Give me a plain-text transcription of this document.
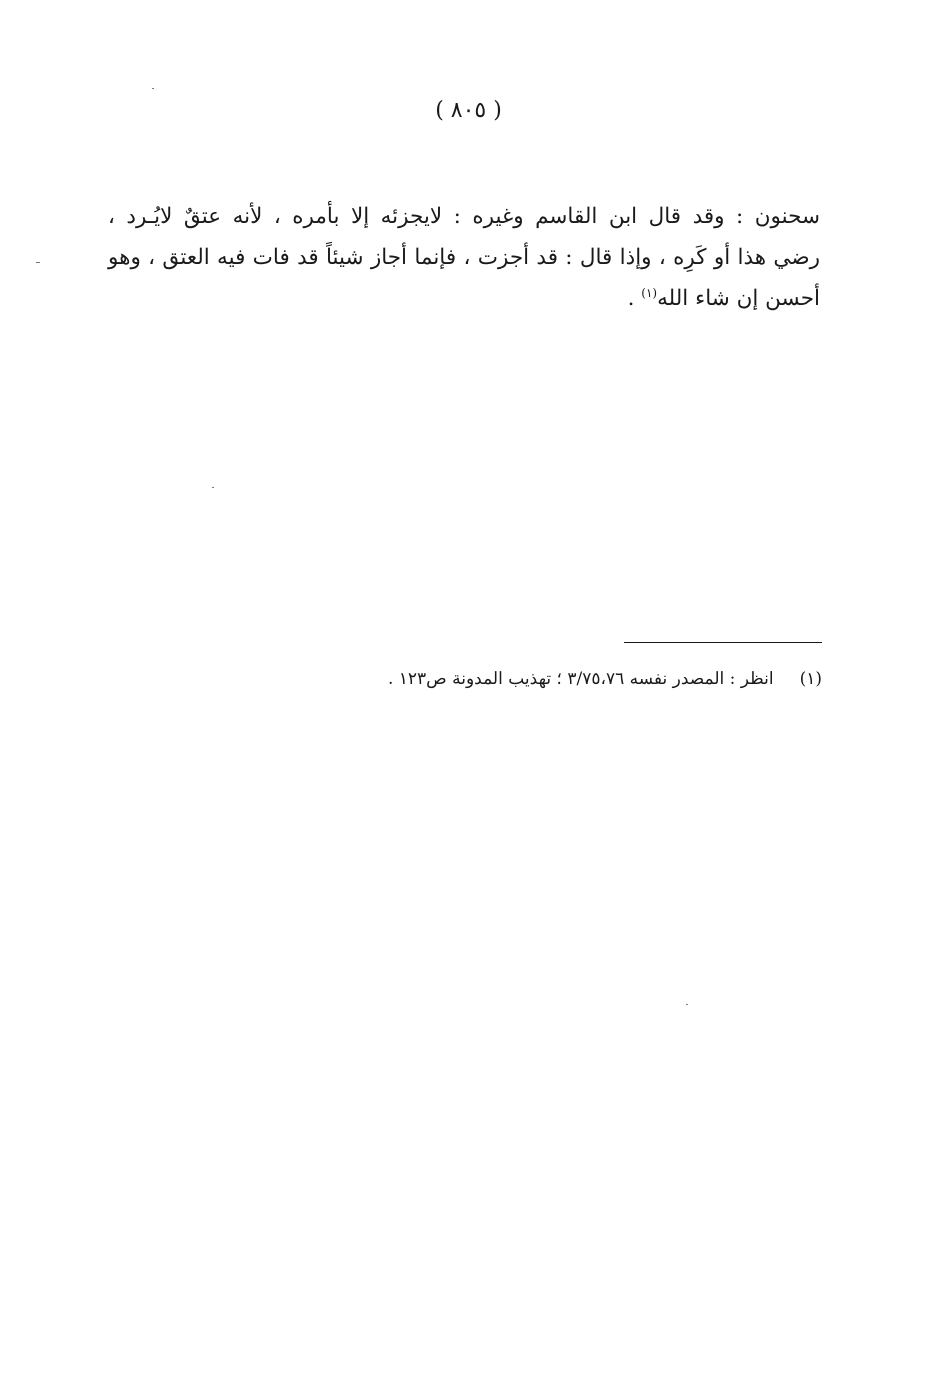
( ٨٠٥ )
سحنون : وقد قال ابن القاسم وغيره : لايجزئه إلا بأمره ، لأنه عتقٌ لايُـرد ،
رضي هذا أو كَرِه ، وإذا قال : قد أجزت ، فإنما أجاز شيئاً قد فات فيه العتق ، وهو
أحسن إن شاء الله$^{(١)}$ .
(١)انظر : المصدر نفسه ٣/٧٥،٧٦ ؛ تهذيب المدونة ص١٢٣ .
